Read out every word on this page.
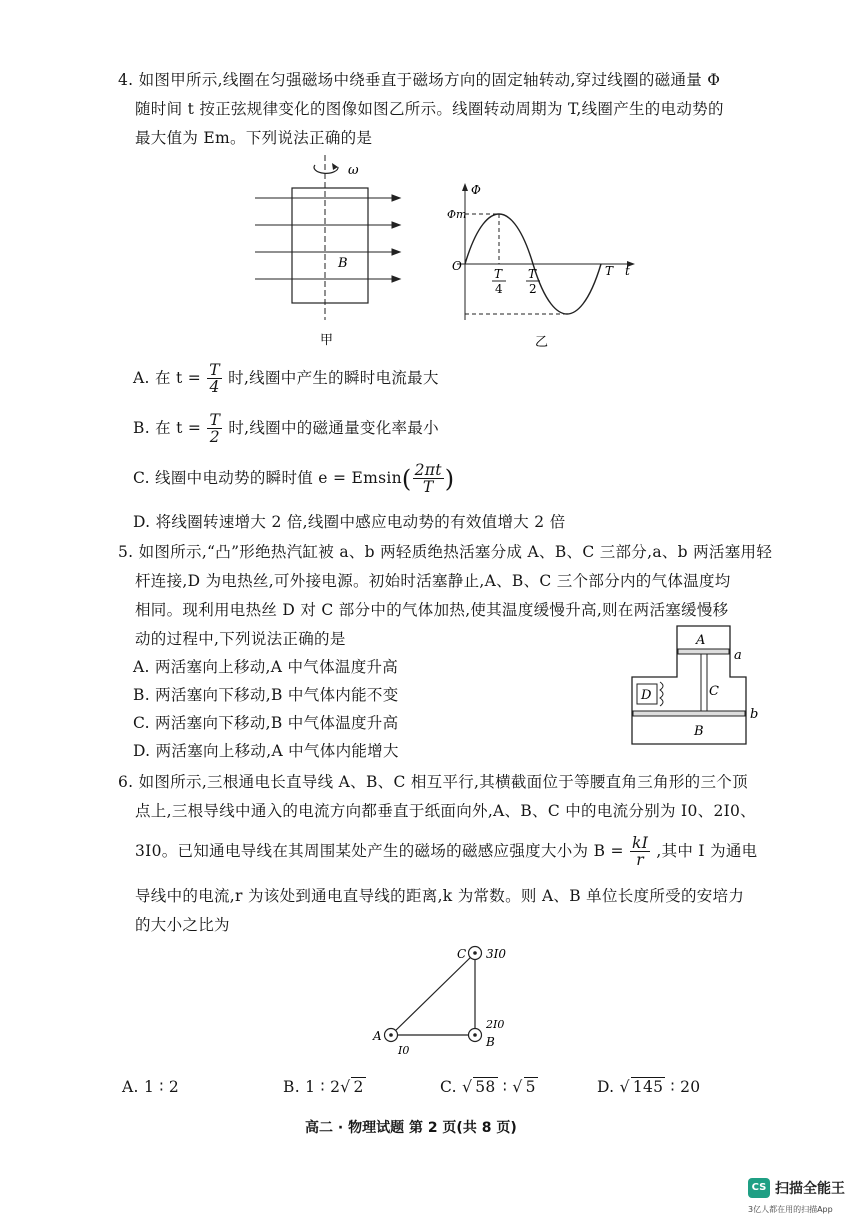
4. 如图甲所示,线圈在匀强磁场中绕垂直于磁场方向的固定轴转动,穿过线圈的磁通量 Φ
随时间 t 按正弦规律变化的图像如图乙所示。线圈转动周期为 T,线圈产生的电动势的
最大值为 Em。下列说法正确的是
ω
B
甲
Φ
Φm
O
T
4
T
2
T t
乙
A. 在 $t = \frac{T}{4}$ 时,线圈中产生的瞬时电流最大
B. 在 $t = \frac{T}{2}$ 时,线圈中的磁通量变化率最小
C. 线圈中电动势的瞬时值 $e = Emsin( \frac{2\pi t}{T}$ )
D. 将线圈转速增大 2 倍,线圈中感应电动势的有效值增大 2 倍
5. 如图所示,“凸”形绝热汽缸被 a、b 两轻质绝热活塞分成 A、B、C 三部分,a、b 两活塞用轻
杆连接,D 为电热丝,可外接电源。初始时活塞静止,A、B、C 三个部分内的气体温度均
相同。现利用电热丝 D 对 C 部分中的气体加热,使其温度缓慢升高,则在两活塞缓慢移
动的过程中,下列说法正确的是
A. 两活塞向上移动,A 中气体温度升高
B. 两活塞向下移动,B 中气体内能不变
C. 两活塞向下移动,B 中气体温度升高
D. 两活塞向上移动,A 中气体内能增大
A
C
D
B
a
b
6. 如图所示,三根通电长直导线 A、B、C 相互平行,其横截面位于等腰直角三角形的三个顶
点上,三根导线中通入的电流方向都垂直于纸面向外,A、B、C 中的电流分别为 I0、2I0、
3I0。已知通电导线在其周围某处产生的磁场的磁感应强度大小为 $B = \frac{kI}{r}$ ,其中 I 为通电
导线中的电流,r 为该处到通电直导线的距离,k 为常数。则 A、B 单位长度所受的安培力
的大小之比为
C 3I0
A
I0
B
2I0
A. 1 ∶ 2	B. 1 ∶ 2√ 2	C. √ 58 ∶ √ 5	D. √ 145 ∶ 20
高二 · 物理试题 第 2 页(共 8 页)
CS 扫描全能王
3亿人都在用的扫描App
